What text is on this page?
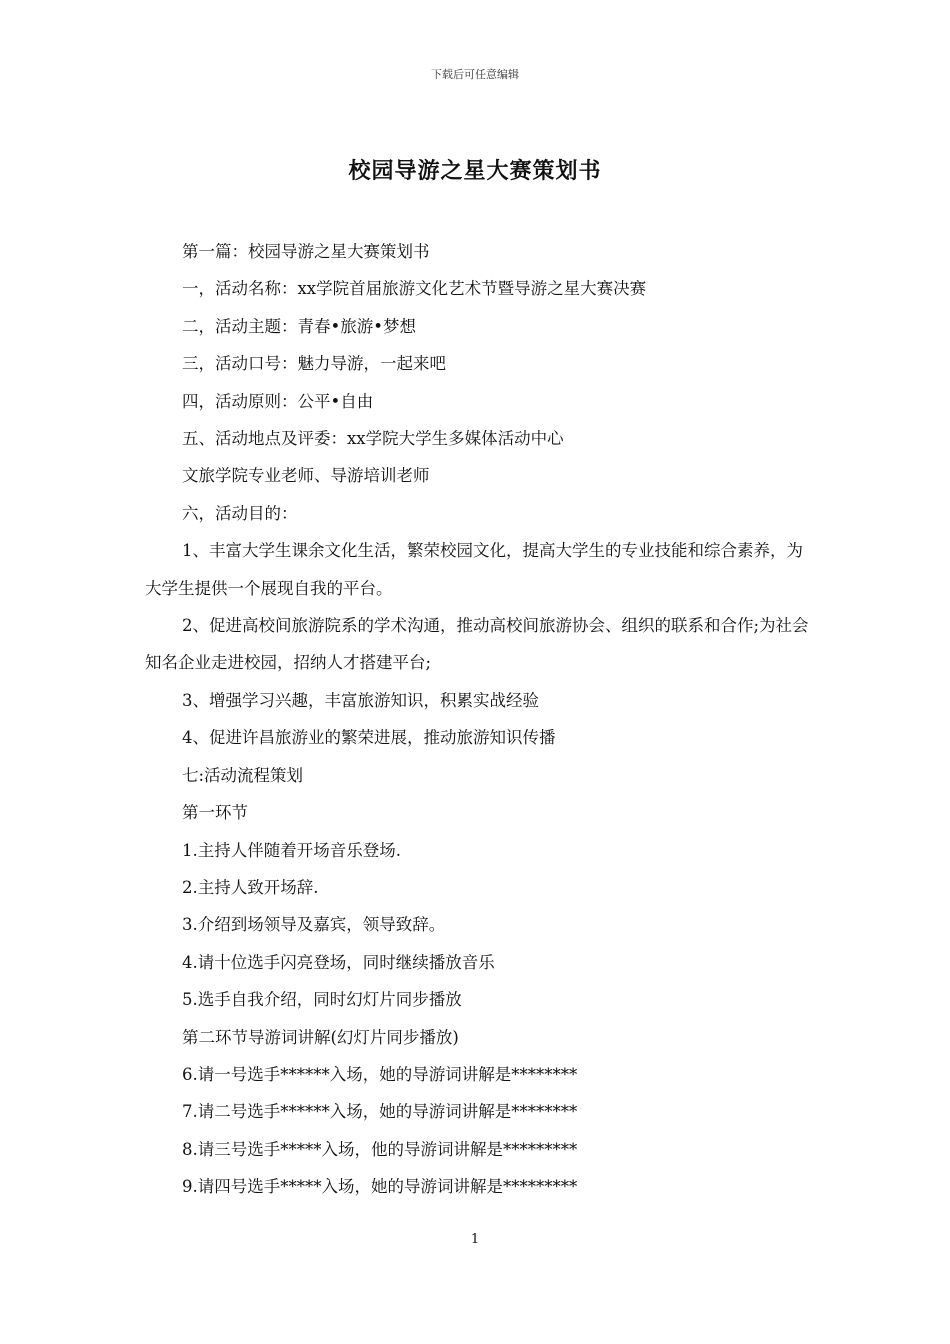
下载后可任意编辑
校园导游之星大赛策划书

第一篇：校园导游之星大赛策划书

一，活动名称：xx学院首届旅游文化艺术节暨导游之星大赛决赛

二，活动主题：青春•旅游•梦想

三，活动口号：魅力导游，一起来吧

四，活动原则：公平•自由

五、活动地点及评委：xx学院大学生多媒体活动中心

文旅学院专业老师、导游培训老师

六，活动目的：

1、丰富大学生课余文化生活，繁荣校园文化，提高大学生的专业技能和综合素养，为大学生提供一个展现自我的平台。

2、促进高校间旅游院系的学术沟通，推动高校间旅游协会、组织的联系和合作;为社会知名企业走进校园，招纳人才搭建平台;

3、增强学习兴趣，丰富旅游知识，积累实战经验

4、促进许昌旅游业的繁荣进展，推动旅游知识传播

七:活动流程策划

第一环节

1.主持人伴随着开场音乐登场.

2.主持人致开场辞.

3.介绍到场领导及嘉宾，领导致辞。

4.请十位选手闪亮登场，同时继续播放音乐

5.选手自我介绍，同时幻灯片同步播放

第二环节导游词讲解(幻灯片同步播放)

6.请一号选手******入场，她的导游词讲解是********

7.请二号选手******入场，她的导游词讲解是********

8.请三号选手*****入场，他的导游词讲解是*********

9.请四号选手*****入场，她的导游词讲解是*********

1
